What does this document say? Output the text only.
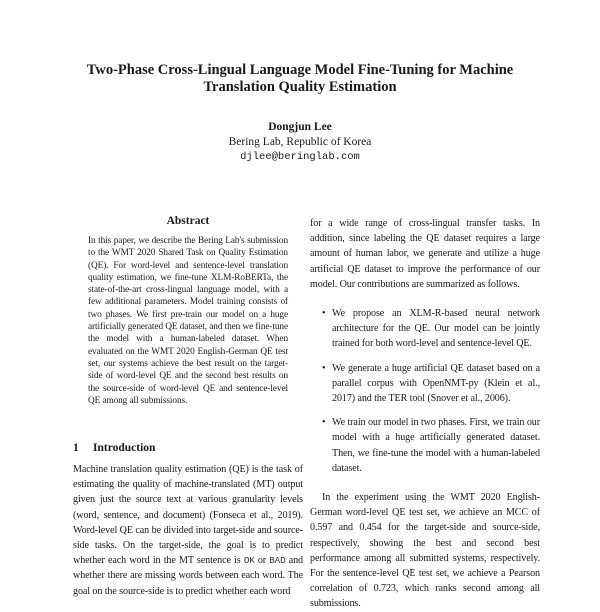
Two-Phase Cross-Lingual Language Model Fine-Tuning for Machine
Translation Quality Estimation
Dongjun Lee
Bering Lab, Republic of Korea
djlee@beringlab.com
Abstract
In this paper, we describe the Bering Lab's submission to the WMT 2020 Shared Task on Quality Estimation (QE). For word-level and sentence-level translation quality estimation, we fine-tune XLM-RoBERTa, the state-of-the-art cross-lingual language model, with a few additional parameters. Model training consists of two phases. We first pre-train our model on a huge artificially generated QE dataset, and then we fine-tune the model with a human-labeled dataset. When evaluated on the WMT 2020 English-German QE test set, our systems achieve the best result on the target-side of word-level QE and the second best results on the source-side of word-level QE and sentence-level QE among all submissions.
1 Introduction
Machine translation quality estimation (QE) is the task of estimating the quality of machine-translated (MT) output given just the source text at various granularity levels (word, sentence, and document) (Fonseca et al., 2019). Word-level QE can be divided into target-side and source-side tasks. On the target-side, the goal is to predict whether each word in the MT sentence is OK or BAD and whether there are missing words between each word. The goal on the source-side is to predict whether each word
for a wide range of cross-lingual transfer tasks. In addition, since labeling the QE dataset requires a large amount of human labor, we generate and utilize a huge artificial QE dataset to improve the performance of our model. Our contributions are summarized as follows.
• We propose an XLM-R-based neural network architecture for the QE. Our model can be jointly trained for both word-level and sentence-level QE.
• We generate a huge artificial QE dataset based on a parallel corpus with OpenNMT-py (Klein et al., 2017) and the TER tool (Snover et al., 2006).
• We train our model in two phases. First, we train our model with a huge artificially generated dataset. Then, we fine-tune the model with a human-labeled dataset.
In the experiment using the WMT 2020 English-German word-level QE test set, we achieve an MCC of 0.597 and 0.454 for the target-side and source-side, respectively, showing the best and second best performance among all submitted systems, respectively. For the sentence-level QE test set, we achieve a Pearson correlation of 0.723, which ranks second among all submissions.
